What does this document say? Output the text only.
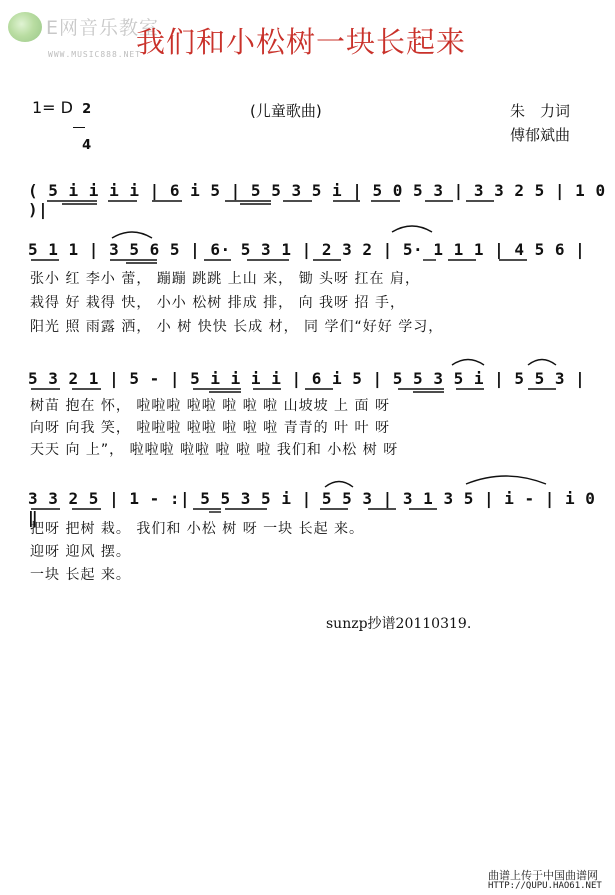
E网音乐教室
WWW.MUSIC888.NET
我们和小松树一块长起来
1= D 2

4

(儿童歌曲)	朱　力词
傅郁斌曲
( 5 i i i i | 6 i 5 | 5 5 3 5 i | 5 0 5 3 | 3 3 2 5 | 1 0 )|
5 1 1 | 3 5 6 5 | 6· 5 3 1 | 2 3 2 | 5· 1 1 1 | 4 5 6 |
5 3 2 1 | 5 - | 5 i i i i | 6 i 5 | 5 5 3 5 i | 5 5 3 |
3 3 2 5 | 1 - :| 5 5 3 5 i | 5 5 3 | 3 1 3 5 | i - | i 0 ‖
张小 红 李小 蕾， 蹦蹦 跳跳 上山 来， 锄 头呀 扛在 肩，
栽得 好 栽得 快， 小小 松树 排成 排， 向 我呀 招 手，
阳光 照 雨露 洒， 小 树 快快 长成 材， 同 学们“好好 学习，
树苗 抱在 怀， 啦啦啦 啦啦 啦 啦 啦 山坡坡 上 面 呀
向呀 向我 笑， 啦啦啦 啦啦 啦 啦 啦 青青的 叶 叶 呀
天天 向 上”， 啦啦啦 啦啦 啦 啦 啦 我们和 小松 树 呀
把呀 把树 栽。 我们和 小松 树 呀 一块 长起 来。
迎呀 迎风 摆。
一块 长起 来。
sunzp抄谱20110319.
曲谱上传于中国曲谱网
HTTP://QUPU.HAO61.NET
